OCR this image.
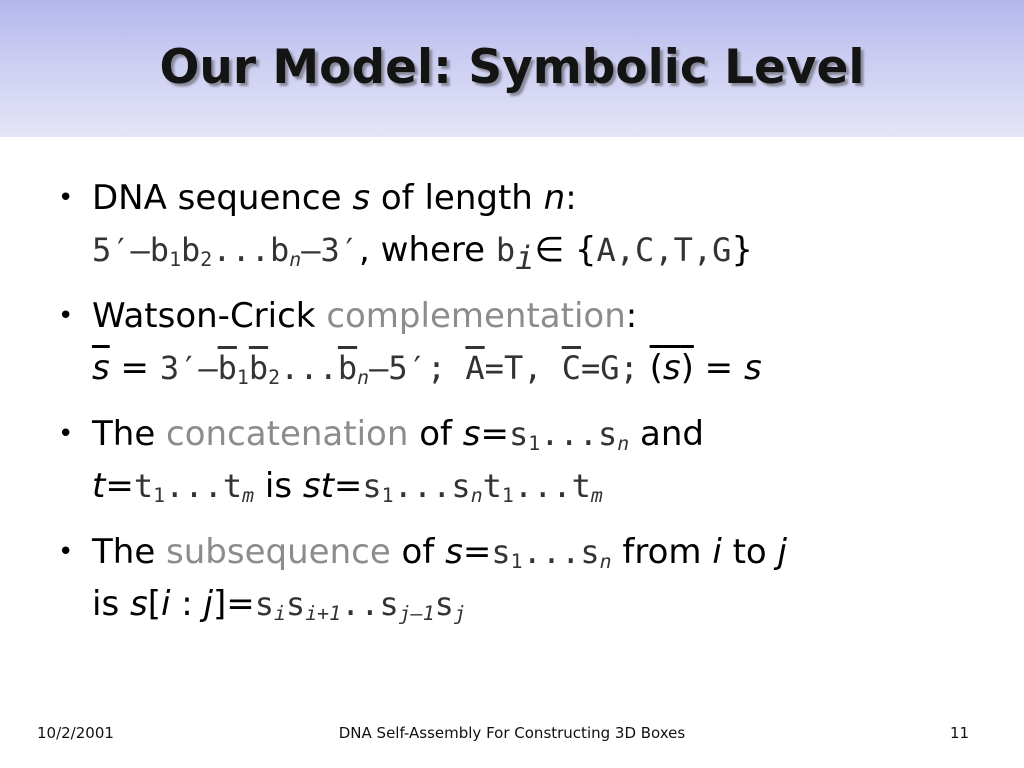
Our Model: Symbolic Level
• DNA sequence s of length n:
$5'-b_1b_2...b_n-3'$, where $b_i\in$ {A,C,T,G}
• Watson-Crick complementation:
$\overline{s} = 3'-\overline{b}_1\overline{b}_2...\overline{b}_n-5'$; $\overline{A}=T$, $\overline{C}=G$; (s) = s
• The concatenation of $s=s_1...s_n$ and
$t=t_1...t_m$ is $st=s_1...s_nt_1...t_m$
• The subsequence of $s=s_1...s_n$ from i to j
is s[i : $j]=s_is_{i+1}..s_{j-1}s_j$
10/2/2001	DNA Self-Assembly For Constructing 3D Boxes	11
